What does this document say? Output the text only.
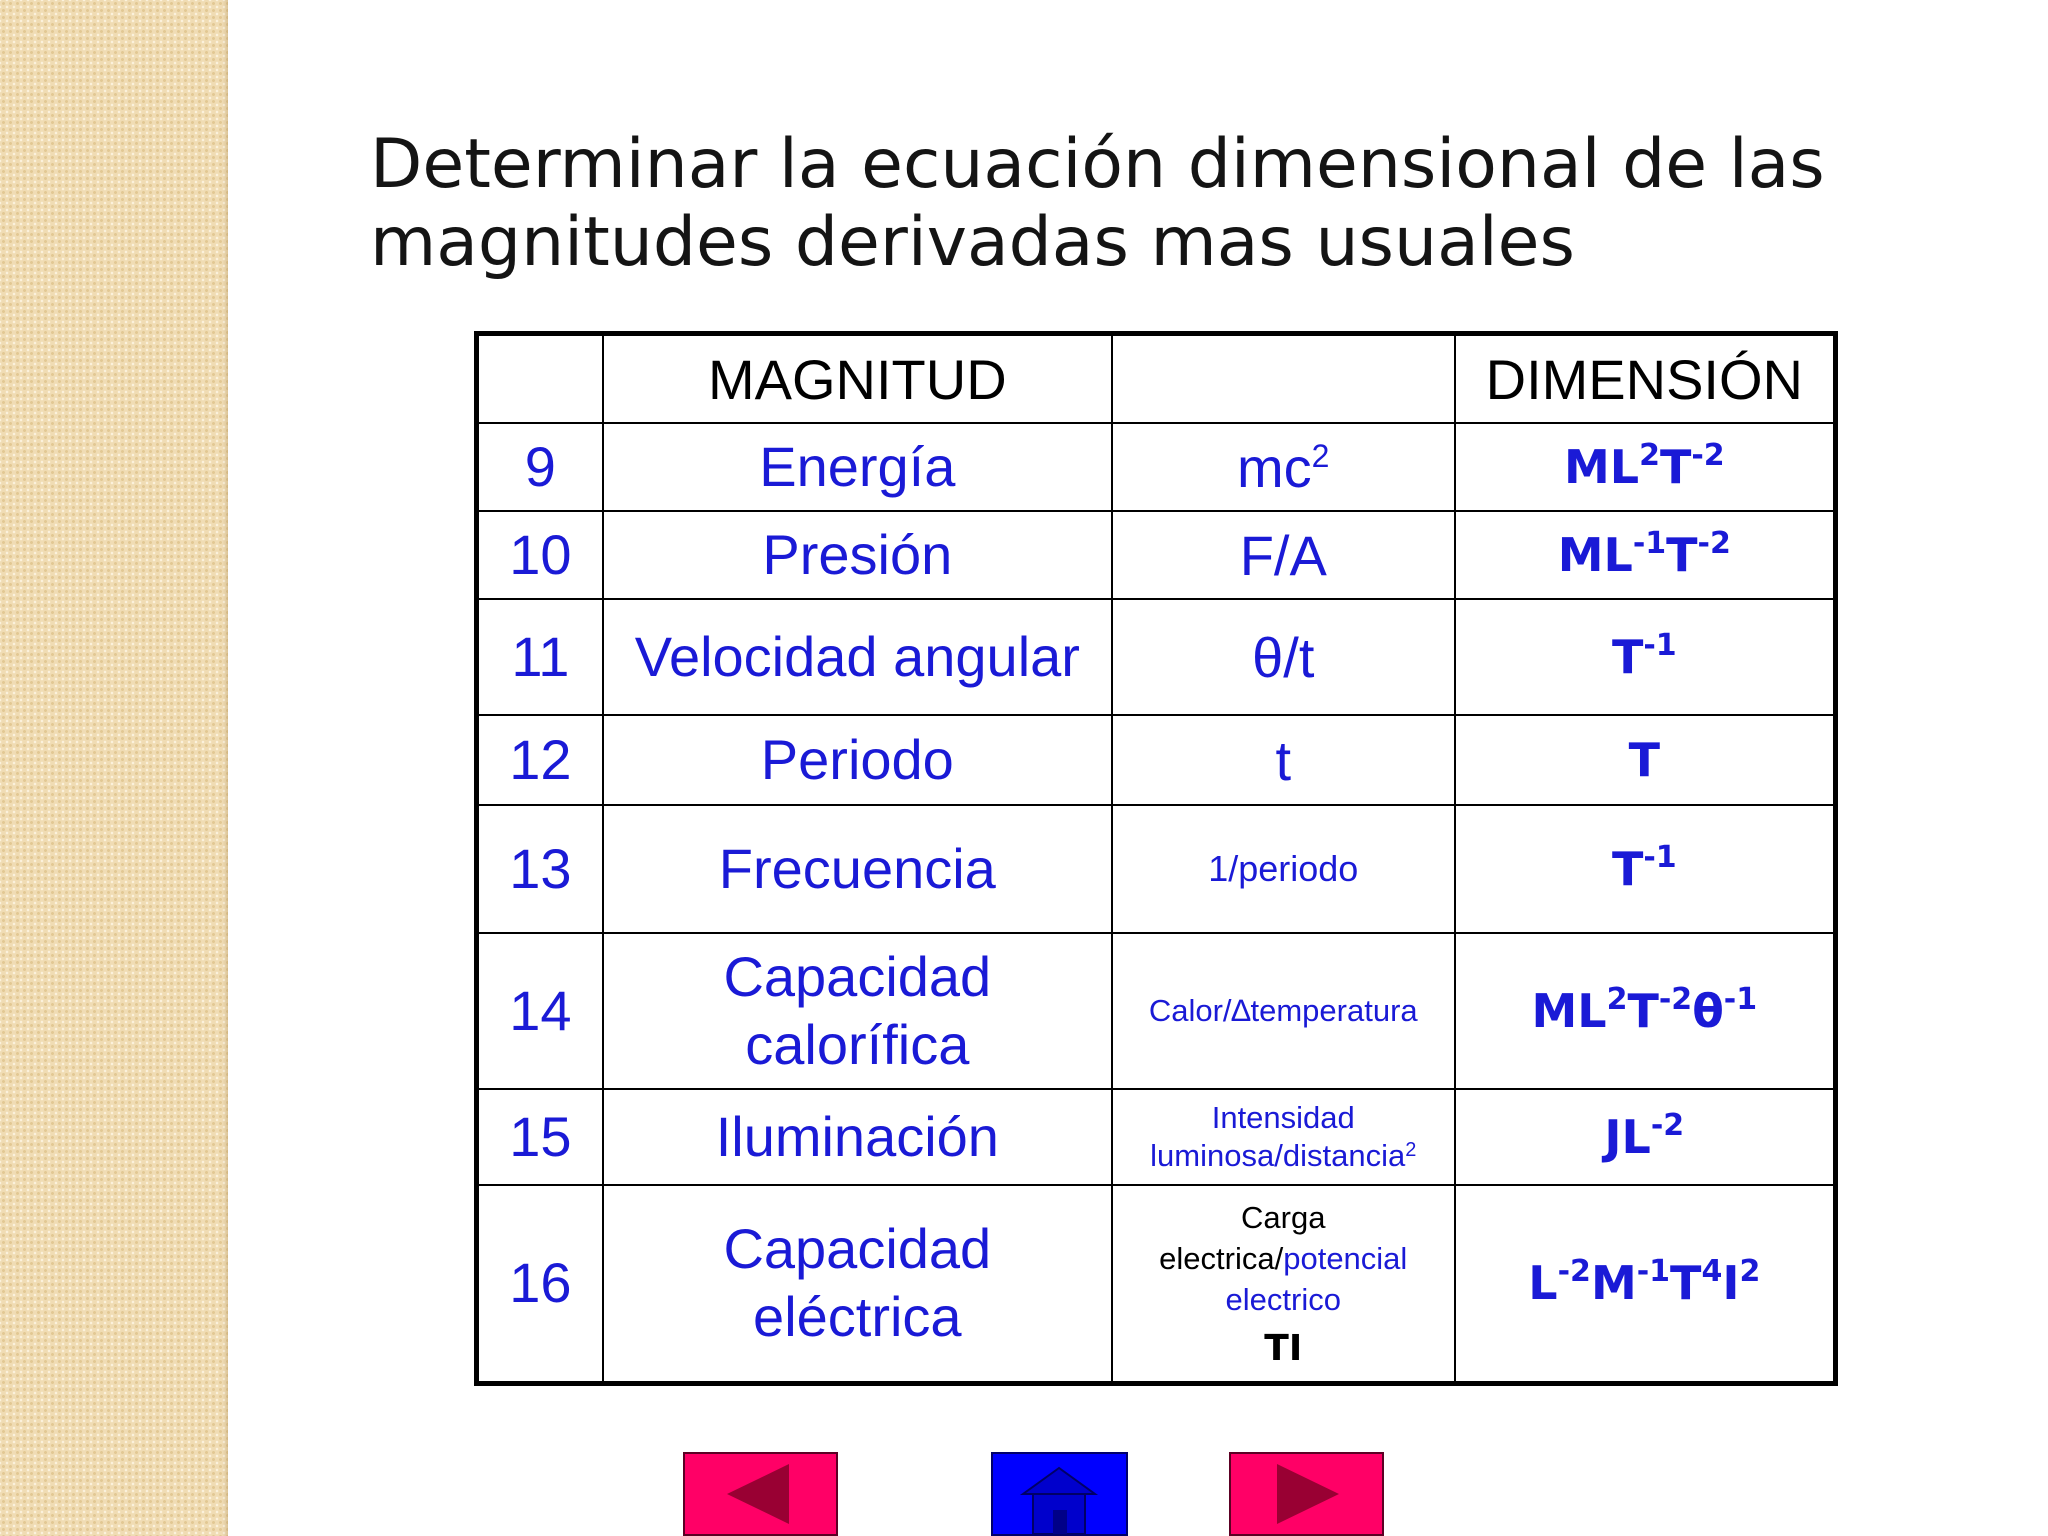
Determinar la ecuación dimensional de las
magnitudes derivadas mas usuales
	MAGNITUD		DIMENSIÓN
9	Energía	$mc^2$	$ML^2T^{-2}$
10	Presión	F/A	$ML^{-1}T^{-2}$
11	Velocidad angular	θ/t	$T^{-1}$
12	Periodo	t	T
13	Frecuencia	1/periodo	$T^{-1}$
14	Capacidad
calorífica	Calor/∆temperatura	$ML^2T^{-2}\theta^{-1}$
15	Iluminación	Intensidad
luminosa/distancia$^2$	$JL^{-2}$
16	Capacidad
eléctrica	Carga
electrica/potencial
electrico
TI	$L^{-2}M^{-1}T^4I^2$
